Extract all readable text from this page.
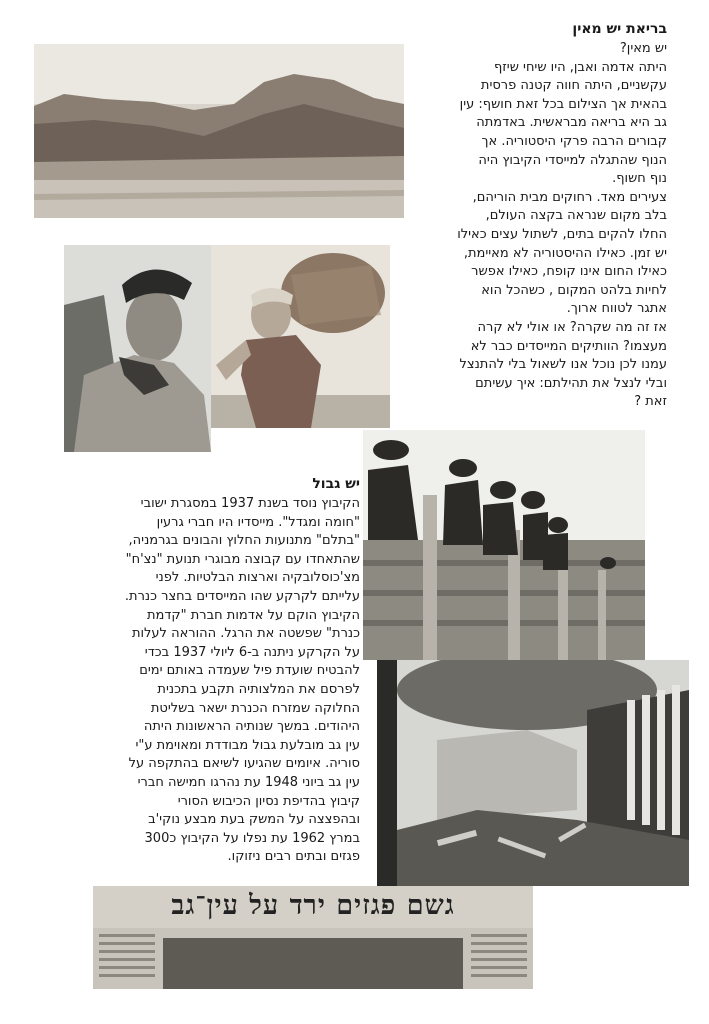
בריאת יש מאין

יש מאין?

היתה אדמה ואבן, היו שיחי שיזף

עקשניים, היתה חווה קטנה פרסית

בהאית אך הצילום בכל זאת חושף: עין

גב היא בריאה מבראשית. באדמתה

קבורים הרבה פרקי היסטוריה. אך

הנוף שהתגלה למייסדי הקיבוץ היה

נוף חשוף.

צעירים מאד. רחוקים מבית הוריהם,

בלב מקום שנראה בקצה העולם,

החלו להקים בתים, לשתול עצים כאילו

יש זמן. כאילו ההיסטוריה לא מאיימת,

כאילו החום אינו קופח, כאילו אפשר

לחיות בלהט המקום , כשהכל הוא

אתגר לטווח ארוך.

אז זה מה שקרה? או אולי לא קרה

מעצמו? הוותיקים המייסדים כבר לא

עמנו לכן נוכל אנו לשאול בלי להתנצל

ובלי לנצל את תהילתם: איך עשיתם

זאת ?

יש גבול

הקיבוץ נוסד בשנת 1937 במסגרת ישובי

"חומה ומגדל". מייסדיו היו חברי גרעין

"בתלם" מתנועות החלוץ והבונים בגרמניה,

שהתאחדו עם קבוצה מבוגרי תנועת "נצ'ח"

מצ'כוסלובקיה וארצות הבלטיות. לפני

עלייתם לקרקע שהו המייסדים בחצר כנרת.

הקיבוץ הוקם על אדמות חברת "קדמת

כנרת" שפשטה את הרגל. ההוראה לעלות

על הקרקע ניתנה ב-6 ליולי 1937 בכדי

להבטיח שועדת פיל שעמדה באותם ימים

לפרסם את המלצותיה תקבע בתכנית

החלוקה שמזרח הכנרת ישאר בשליטת

היהודים. במשך שנותיה הראשונות היתה

עין גב מובלעת גבול מבודדת ומאוימת ע"י

סוריה. איומים שהגיעו לשיאם בהתקפה על

עין גב ביוני 1948 עת נהרגו חמישה חברי

קיבוץ בהדיפת נסיון הכיבוש הסורי

ובהפצצה על המשק בעת מבצע נוקי'ב

במרץ 1962 עת נפלו על הקיבוץ כ300

פגזים ובתים רבים ניזוקו.

גשם פגזים ירד על עין־גב
